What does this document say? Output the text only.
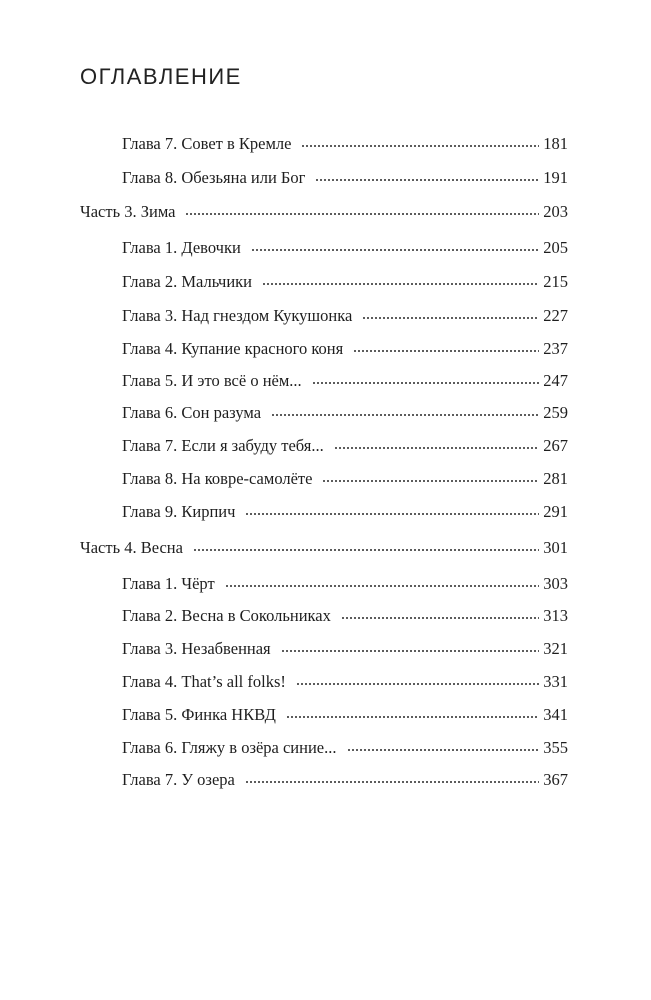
ОГЛАВЛЕНИЕ
Глава 7. Совет в Кремле	181
Глава 8. Обезьяна или Бог	191
Часть 3. Зима	203
Глава 1. Девочки	205
Глава 2. Мальчики	215
Глава 3. Над гнездом Кукушонка	227
Глава 4. Купание красного коня	237
Глава 5. И это всё о нём...	247
Глава 6. Сон разума	259
Глава 7. Если я забуду тебя...	267
Глава 8. На ковре-самолёте	281
Глава 9. Кирпич	291
Часть 4. Весна	301
Глава 1. Чёрт	303
Глава 2. Весна в Сокольниках	313
Глава 3. Незабвенная	321
Глава 4. That’s all folks!	331
Глава 5. Финка НКВД	341
Глава 6. Гляжу в озёра синие...	355
Глава 7. У озера	367
